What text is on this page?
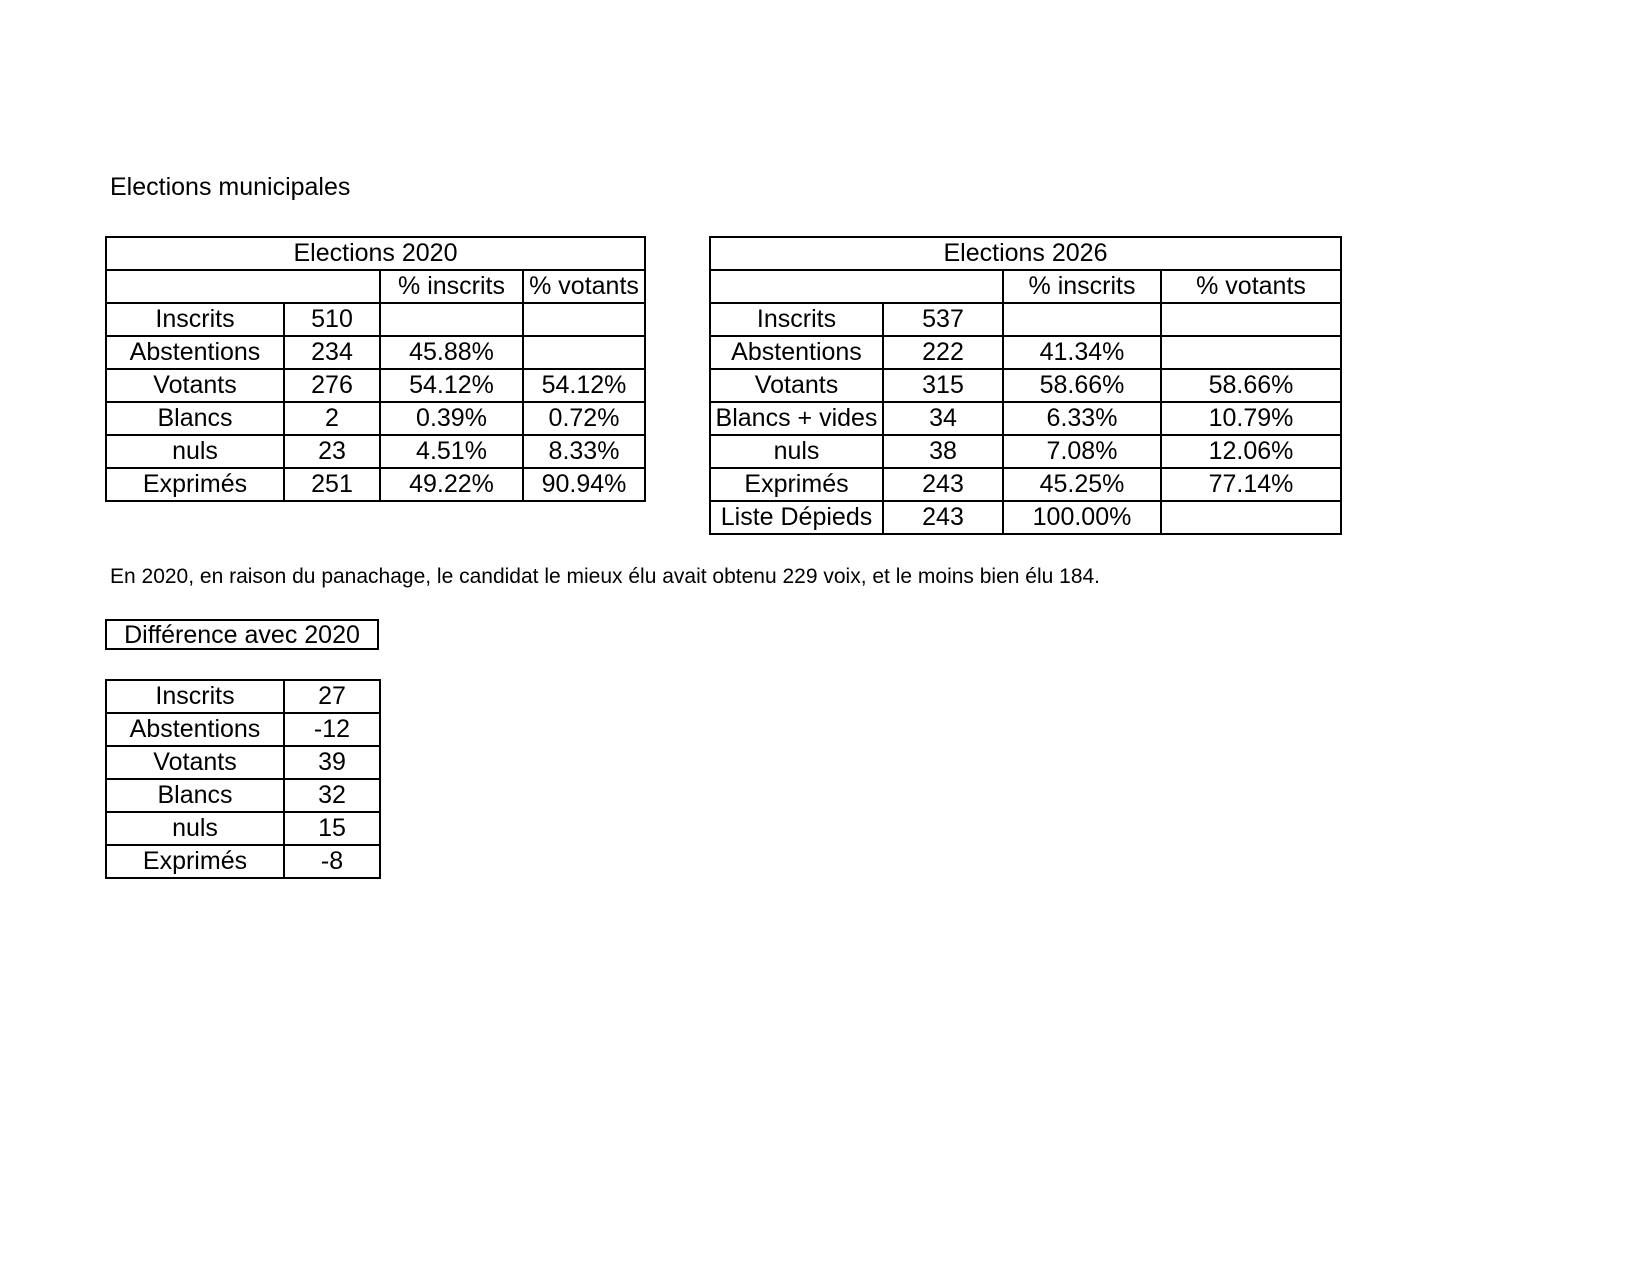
Elections municipales
Elections 2020			
		% inscrits	% votants
Inscrits	510		
Abstentions	234	45.88%	
Votants	276	54.12%	54.12%
Blancs	2	0.39%	0.72%
nuls	23	4.51%	8.33%
Exprimés	251	49.22%	90.94%
Elections 2026			
		% inscrits	% votants
Inscrits	537		
Abstentions	222	41.34%	
Votants	315	58.66%	58.66%
Blancs + vides	34	6.33%	10.79%
nuls	38	7.08%	12.06%
Exprimés	243	45.25%	77.14%
Liste Dépieds	243	100.00%	
En 2020, en raison du panachage, le candidat le mieux élu avait obtenu 229 voix, et le moins bien élu 184.
Différence avec 2020
Inscrits	27
Abstentions	-12
Votants	39
Blancs	32
nuls	15
Exprimés	-8
